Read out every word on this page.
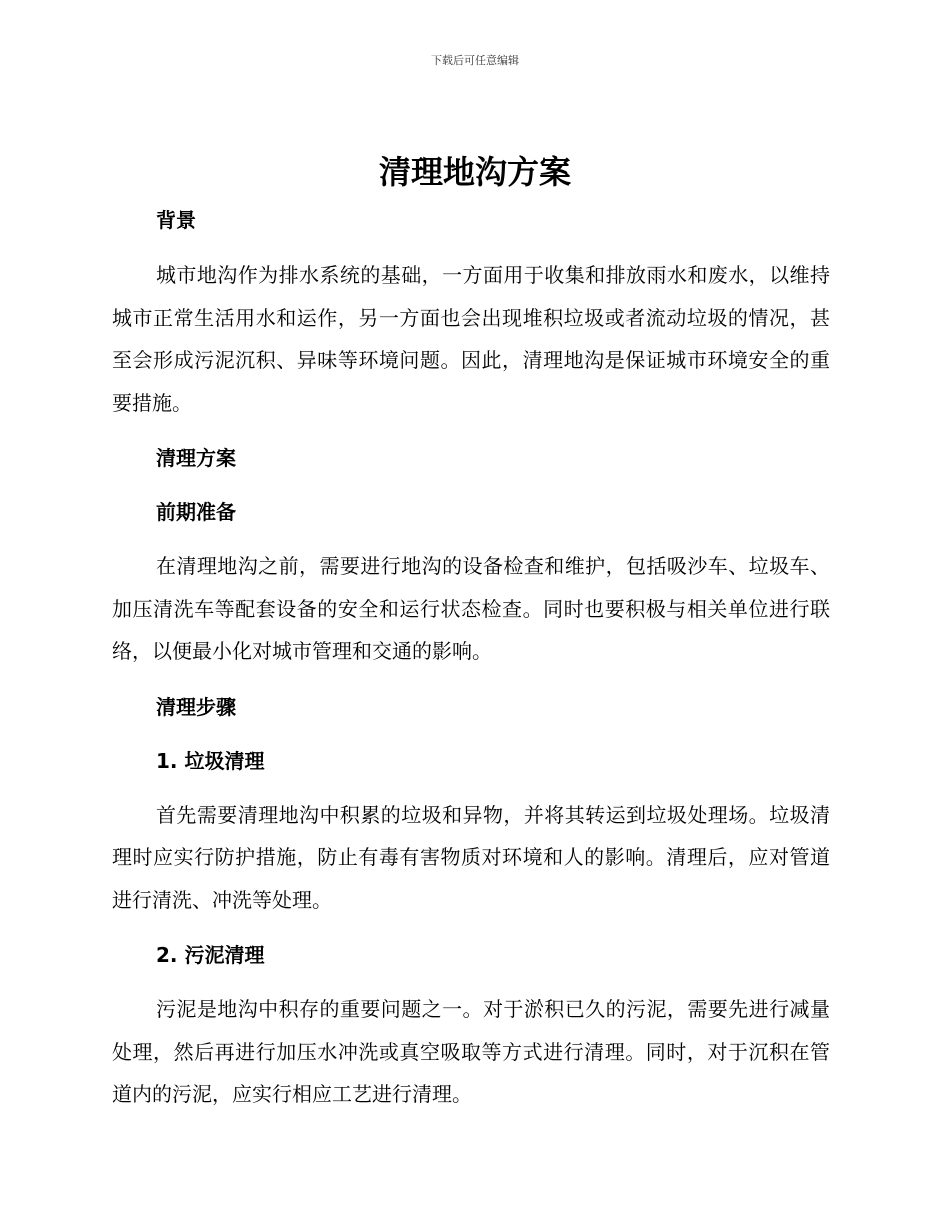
下载后可任意编辑
清理地沟方案
背景

城市地沟作为排水系统的基础，一方面用于收集和排放雨水和废水，以维持城市正常生活用水和运作，另一方面也会出现堆积垃圾或者流动垃圾的情况，甚至会形成污泥沉积、异味等环境问题。因此，清理地沟是保证城市环境安全的重要措施。

清理方案
前期准备

在清理地沟之前，需要进行地沟的设备检查和维护，包括吸沙车、垃圾车、加压清洗车等配套设备的安全和运行状态检查。同时也要积极与相关单位进行联络，以便最小化对城市管理和交通的影响。

清理步骤
1. 垃圾清理

首先需要清理地沟中积累的垃圾和异物，并将其转运到垃圾处理场。垃圾清理时应实行防护措施，防止有毒有害物质对环境和人的影响。清理后，应对管道进行清洗、冲洗等处理。

2. 污泥清理

污泥是地沟中积存的重要问题之一。对于淤积已久的污泥，需要先进行减量处理，然后再进行加压水冲洗或真空吸取等方式进行清理。同时，对于沉积在管道内的污泥，应实行相应工艺进行清理。
